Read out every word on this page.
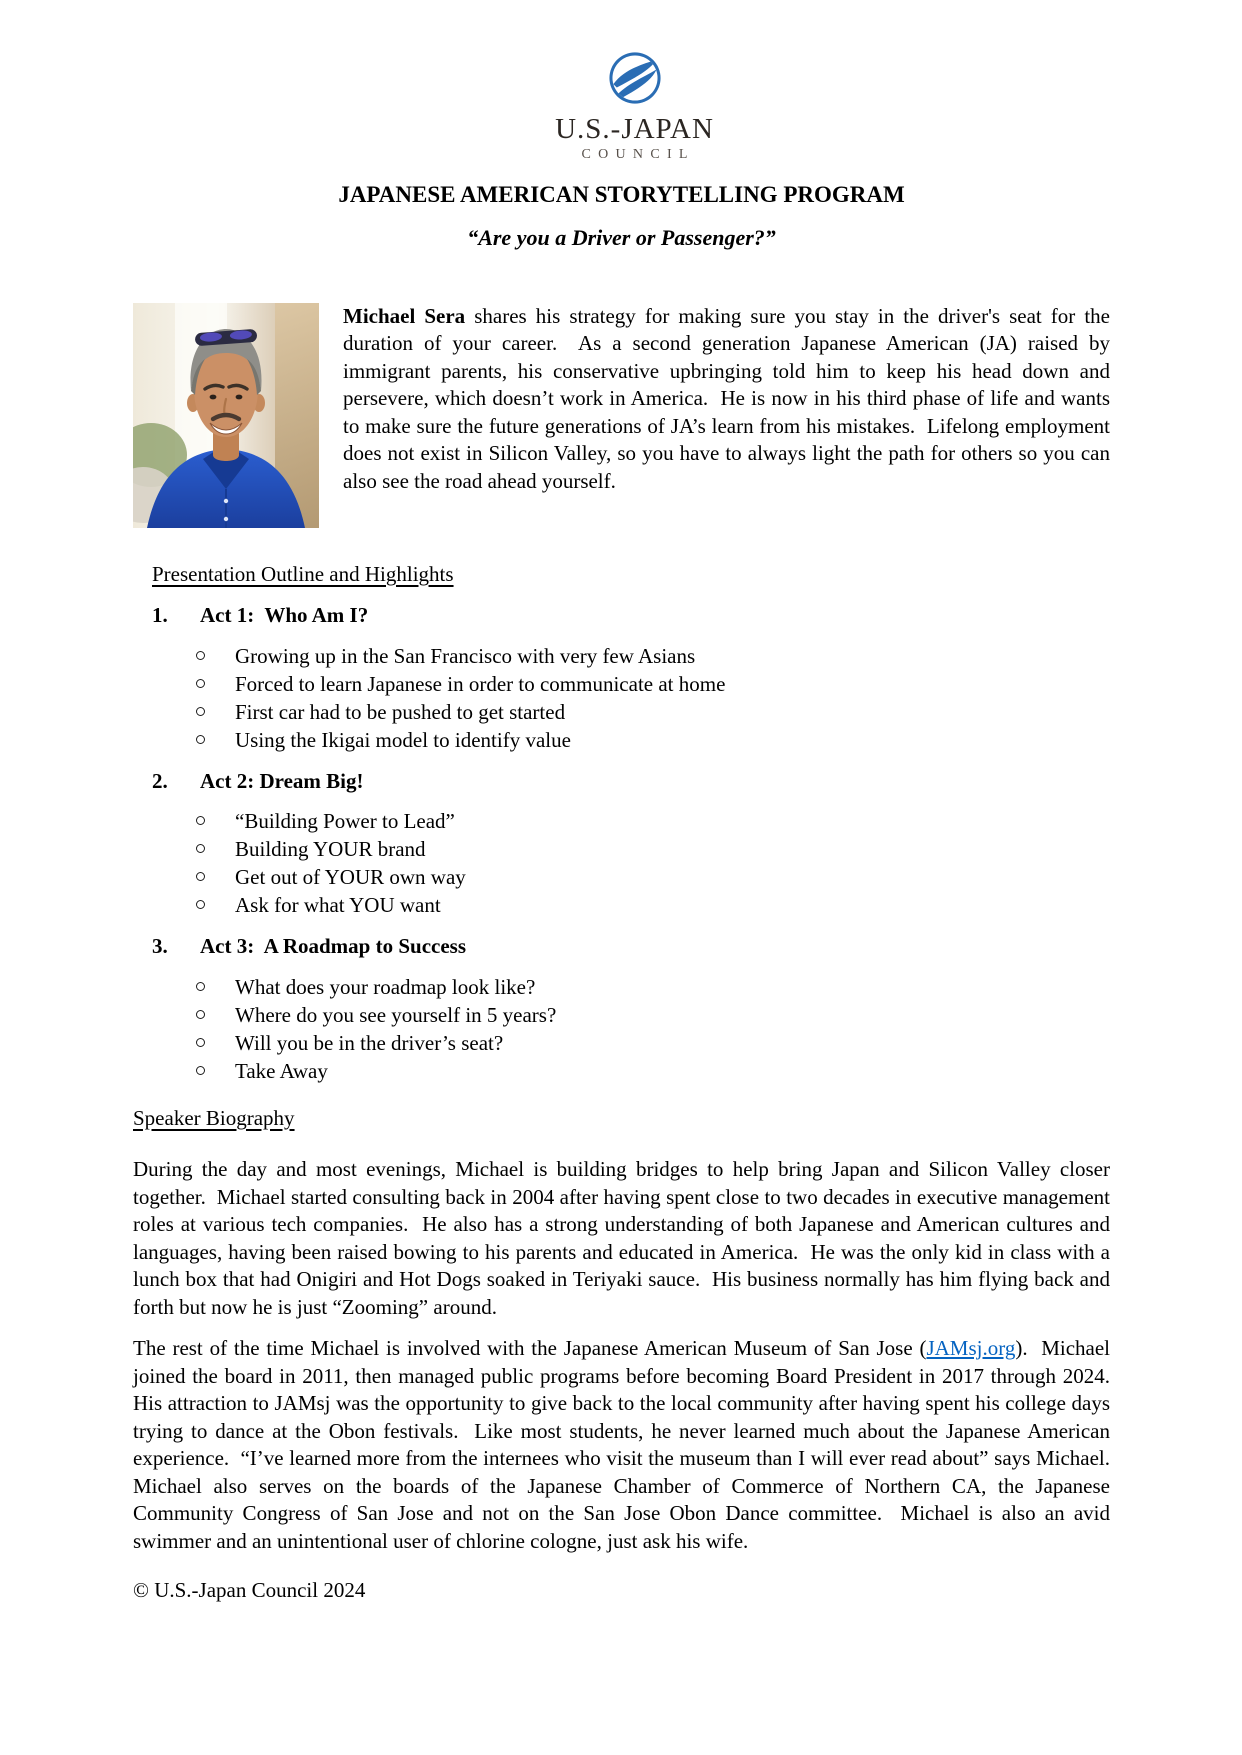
U.S.-JAPAN
COUNCIL
JAPANESE AMERICAN STORYTELLING PROGRAM
“Are you a Driver or Passenger?”

Michael Sera shares his strategy for making sure you stay in the driver's seat for the duration of your career.  As a second generation Japanese American (JA) raised by immigrant parents, his conservative upbringing told him to keep his head down and persevere, which doesn’t work in America.  He is now in his third phase of life and wants to make sure the future generations of JA’s learn from his mistakes.  Lifelong employment does not exist in Silicon Valley, so you have to always light the path for others so you can also see the road ahead yourself.

Presentation Outline and Highlights
1.	Act 1:  Who Am I?
Growing up in the San Francisco with very few Asians
Forced to learn Japanese in order to communicate at home
First car had to be pushed to get started
Using the Ikigai model to identify value
2.	Act 2: Dream Big!
“Building Power to Lead”
Building YOUR brand
Get out of YOUR own way
Ask for what YOU want
3.	Act 3:  A Roadmap to Success
What does your roadmap look like?
Where do you see yourself in 5 years?
Will you be in the driver’s seat?
Take Away
Speaker Biography

During the day and most evenings, Michael is building bridges to help bring Japan and Silicon Valley closer together.  Michael started consulting back in 2004 after having spent close to two decades in executive management roles at various tech companies.  He also has a strong understanding of both Japanese and American cultures and languages, having been raised bowing to his parents and educated in America.  He was the only kid in class with a lunch box that had Onigiri and Hot Dogs soaked in Teriyaki sauce.  His business normally has him flying back and forth but now he is just “Zooming” around.

The rest of the time Michael is involved with the Japanese American Museum of San Jose (JAMsj.org).  Michael joined the board in 2011, then managed public programs before becoming Board President in 2017 through 2024.  His attraction to JAMsj was the opportunity to give back to the local community after having spent his college days trying to dance at the Obon festivals.  Like most students, he never learned much about the Japanese American experience.  “I’ve learned more from the internees who visit the museum than I will ever read about” says Michael.  Michael also serves on the boards of the Japanese Chamber of Commerce of Northern CA, the Japanese Community Congress of San Jose and not on the San Jose Obon Dance committee.  Michael is also an avid swimmer and an unintentional user of chlorine cologne, just ask his wife.

© U.S.-Japan Council 2024
